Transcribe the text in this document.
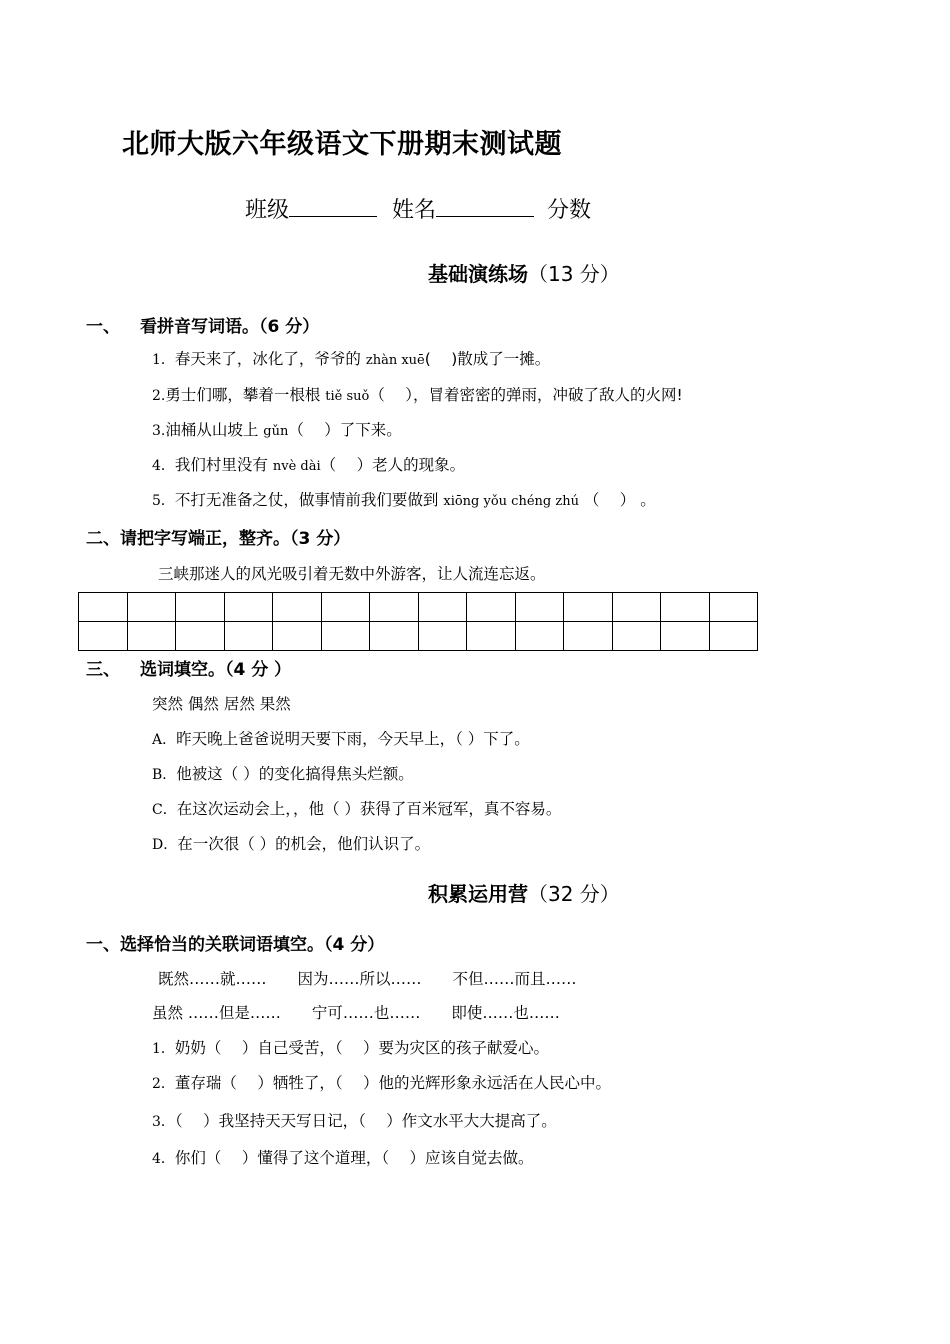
北师大版六年级语文下册期末测试题
班级	姓名	分数
基础演练场（13 分）
一、 看拼音写词语。（6 分）
1．春天来了，冰化了，爷爷的 zhàn xuē(　 )散成了一摊。
2.勇士们哪，攀着一根根 tiě suǒ（　 ），冒着密密的弹雨，冲破了敌人的火网!
3.油桶从山坡上 gǔn（　 ）了下来。
4．我们村里没有 nvè dài（　 ）老人的现象。
5．不打无准备之仗，做事情前我们要做到 xiōng yǒu chéng zhú （　 ） 。
二、请把字写端正，整齐。（3 分）
三峡那迷人的风光吸引着无数中外游客，让人流连忘返。

三、 选词填空。（4 分 ）
突然 偶然 居然 果然
A．昨天晚上爸爸说明天要下雨，今天早上，（ ）下了。
B．他被这（ ）的变化搞得焦头烂额。
C．在这次运动会上，，他（ ）获得了百米冠军，真不容易。
D．在一次很（ ）的机会，他们认识了。
积累运用营（32 分）
一、选择恰当的关联词语填空。（4 分）
既然……就……　　因为……所以……　　不但……而且……
虽然 ……但是……　　宁可……也……　　即使……也……
1．奶奶（　 ）自己受苦，（　 ）要为灾区的孩子献爱心。
2．董存瑞（　 ）牺牲了，（　 ）他的光辉形象永远活在人民心中。
3．（　 ）我坚持天天写日记，（　 ）作文水平大大提高了。
4．你们（　 ）懂得了这个道理，（　 ）应该自觉去做。
